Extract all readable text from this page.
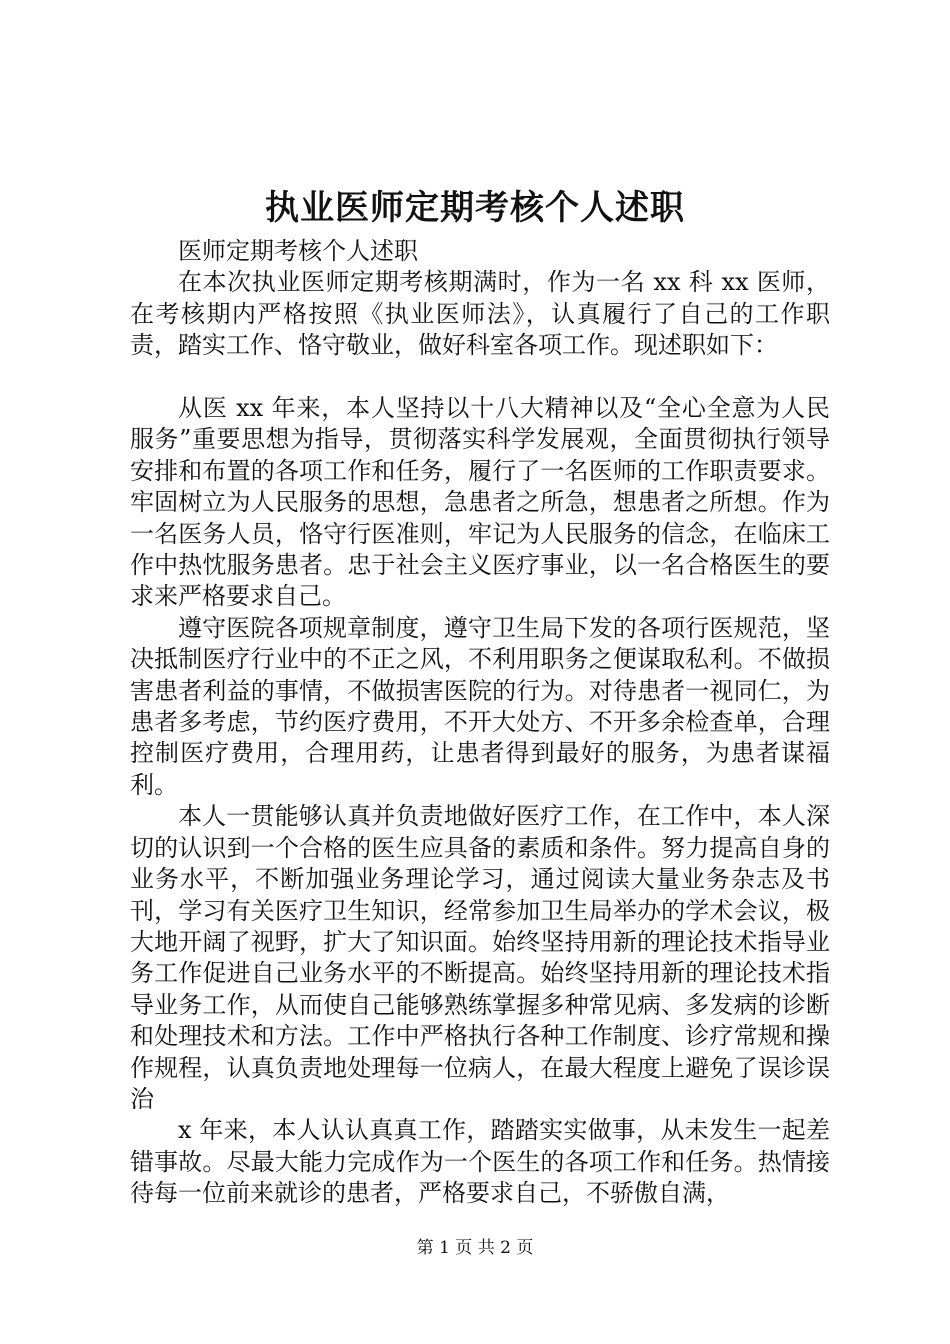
执业医师定期考核个人述职

医师定期考核个人述职

在本次执业医师定期考核期满时，作为一名 xx 科 xx 医师，在考核期内严格按照《执业医师法》，认真履行了自己的工作职责，踏实工作、恪守敬业，做好科室各项工作。现述职如下：

从医 xx 年来，本人坚持以十八大精神以及“全心全意为人民服务”重要思想为指导，贯彻落实科学发展观，全面贯彻执行领导安排和布置的各项工作和任务，履行了一名医师的工作职责要求。牢固树立为人民服务的思想，急患者之所急，想患者之所想。作为一名医务人员，恪守行医准则，牢记为人民服务的信念，在临床工作中热忱服务患者。忠于社会主义医疗事业，以一名合格医生的要求来严格要求自己。

遵守医院各项规章制度，遵守卫生局下发的各项行医规范，坚决抵制医疗行业中的不正之风，不利用职务之便谋取私利。不做损害患者利益的事情，不做损害医院的行为。对待患者一视同仁，为患者多考虑，节约医疗费用，不开大处方、不开多余检查单，合理控制医疗费用，合理用药，让患者得到最好的服务，为患者谋福利。

本人一贯能够认真并负责地做好医疗工作，在工作中，本人深切的认识到一个合格的医生应具备的素质和条件。努力提高自身的业务水平，不断加强业务理论学习，通过阅读大量业务杂志及书刊，学习有关医疗卫生知识，经常参加卫生局举办的学术会议，极大地开阔了视野，扩大了知识面。始终坚持用新的理论技术指导业务工作促进自己业务水平的不断提高。始终坚持用新的理论技术指导业务工作，从而使自己能够熟练掌握多种常见病、多发病的诊断和处理技术和方法。工作中严格执行各种工作制度、诊疗常规和操作规程，认真负责地处理每一位病人，在最大程度上避免了误诊误治

x 年来，本人认认真真工作，踏踏实实做事，从未发生一起差错事故。尽最大能力完成作为一个医生的各项工作和任务。热情接待每一位前来就诊的患者，严格要求自己，不骄傲自满，

第 1 页 共 2 页
